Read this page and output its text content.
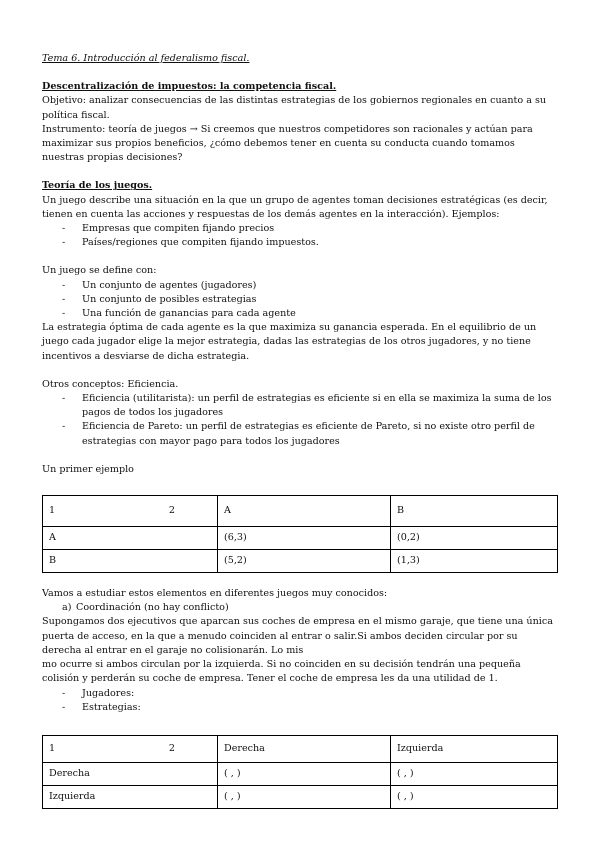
Tema 6. Introducción al federalismo fiscal.

Descentralización de impuestos: la competencia fiscal.

Objetivo: analizar consecuencias de las distintas estrategias de los gobiernos regionales en cuanto a su política fiscal.

Instrumento: teoría de juegos → Si creemos que nuestros competidores son racionales y actúan para maximizar sus propios beneficios, ¿cómo debemos tener en cuenta su conducta cuando tomamos nuestras propias decisiones?

Teoría de los juegos.

Un juego describe una situación en la que un grupo de agentes toman decisiones estratégicas (es decir, tienen en cuenta las acciones y respuestas de los demás agentes en la interacción). Ejemplos:

- Empresas que compiten fijando precios
- Países/regiones que compiten fijando impuestos.

Un juego se define con:

- Un conjunto de agentes (jugadores)
- Un conjunto de posibles estrategias
- Una función de ganancias para cada agente

La estrategia óptima de cada agente es la que maximiza su ganancia esperada. En el equilibrio de un juego cada jugador elige la mejor estrategia, dadas las estrategias de los otros jugadores, y no tiene incentivos a desviarse de dicha estrategia.

Otros conceptos: Eficiencia.

- Eficiencia (utilitarista): un perfil de estrategias es eficiente si en ella se maximiza la suma de los pagos de todos los jugadores
- Eficiencia de Pareto: un perfil de estrategias es eficiente de Pareto, si no existe otro perfil de estrategias con mayor pago para todos los jugadores

Un primer ejemplo

1 2	A	B
A	(6,3)	(0,2)
B	(5,2)	(1,3)

Vamos a estudiar estos elementos en diferentes juegos muy conocidos:

a) Coordinación (no hay conflicto)

Supongamos dos ejecutivos que aparcan sus coches de empresa en el mismo garaje, que tiene una única puerta de acceso, en la que a menudo coinciden al entrar o salir.Si ambos deciden circular por su derecha al entrar en el garaje no colisionarán. Lo mis

mo ocurre si ambos circulan por la izquierda. Si no coinciden en su decisión tendrán una pequeña colisión y perderán su coche de empresa. Tener el coche de empresa les da una utilidad de 1.

- Jugadores:
- Estrategias:
1 2	Derecha	Izquierda
Derecha	( , )	( , )
Izquierda	( , )	( , )
